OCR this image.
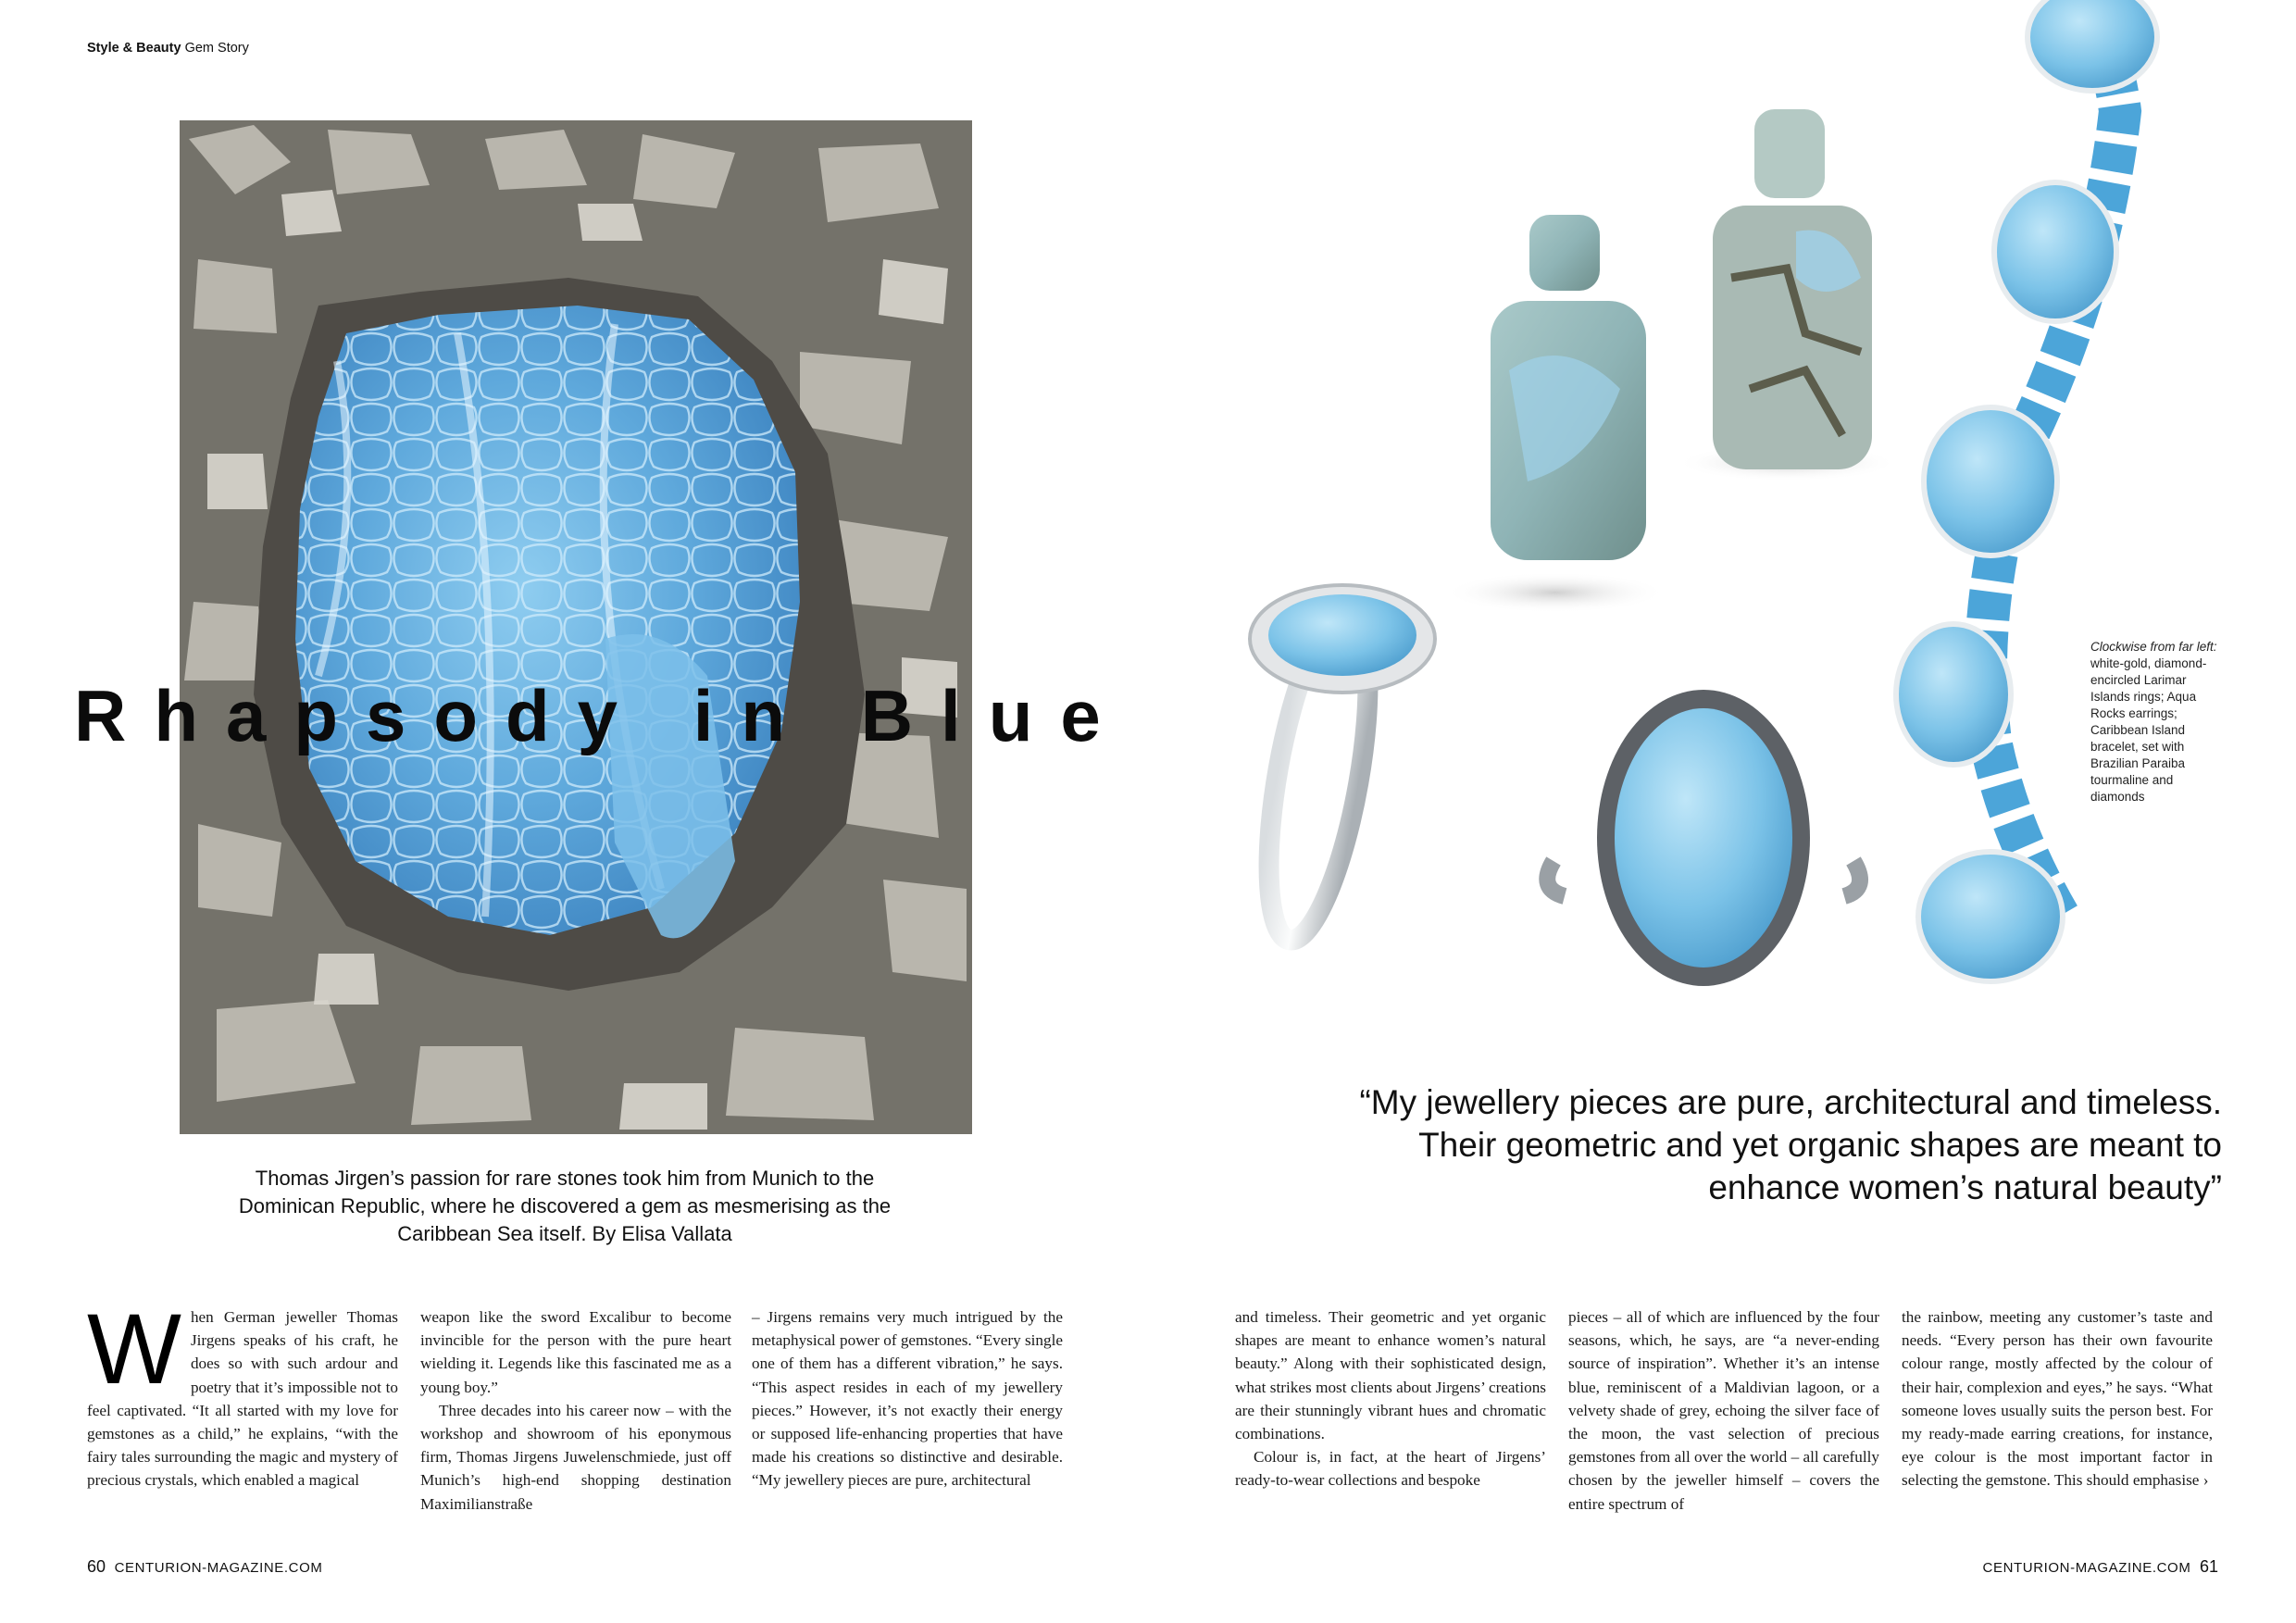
Style & Beauty Gem Story
Rhapsody in Blue
Thomas Jirgen’s passion for rare stones took him from Munich to the Dominican Republic, where he discovered a gem as mesmerising as the Caribbean Sea itself. By Elisa Vallata
W hen German jeweller Thomas Jirgens speaks of his craft, he does so with such ardour and poetry that it’s impossible not to feel captivated. “It all started with my love for gemstones as a child,” he explains, “with the fairy tales surrounding the magic and mystery of precious crystals, which enabled a magical

weapon like the sword Excalibur to become invincible for the person with the pure heart wielding it. Legends like this fascinated me as a young boy.”

Three decades into his career now – with the workshop and showroom of his eponymous firm, Thomas Jirgens Juwelenschmiede, just off Munich’s high-end shopping destination Maximilianstraße

– Jirgens remains very much intrigued by the metaphysical power of gemstones. “Every single one of them has a different vibration,” he says. “This aspect resides in each of my jewellery pieces.” However, it’s not exactly their energy or supposed life-enhancing properties that have made his creations so distinctive and desirable. “My jewellery pieces are pure, architectural

and timeless. Their geometric and yet organic shapes are meant to enhance women’s natural beauty.” Along with their sophisticated design, what strikes most clients about Jirgens’ creations are their stunningly vibrant hues and chromatic combinations.

Colour is, in fact, at the heart of Jirgens’ ready-to-wear collections and bespoke

pieces – all of which are influenced by the four seasons, which, he says, are “a never-ending source of inspiration”. Whether it’s an intense blue, reminiscent of a Maldivian lagoon, or a velvety shade of grey, echoing the silver face of the moon, the vast selection of precious gemstones from all over the world – all carefully chosen by the jeweller himself – covers the entire spectrum of

the rainbow, meeting any customer’s taste and needs. “Every person has their own favourite colour range, mostly affected by the colour of their hair, complexion and eyes,” he says. “What someone loves usually suits the person best. For my ready-made earring creations, for instance, eye colour is the most important factor in selecting the gemstone. This should emphasise ›

Clockwise from far left: white-gold, diamond-encircled Larimar Islands rings; Aqua Rocks earrings; Caribbean Island bracelet, set with Brazilian Paraiba tourmaline and diamonds
“My jewellery pieces are pure, architectural and timeless. Their geometric and yet organic shapes are meant to enhance women’s natural beauty”
60 CENTURION-MAGAZINE.COM	CENTURION-MAGAZINE.COM 61
